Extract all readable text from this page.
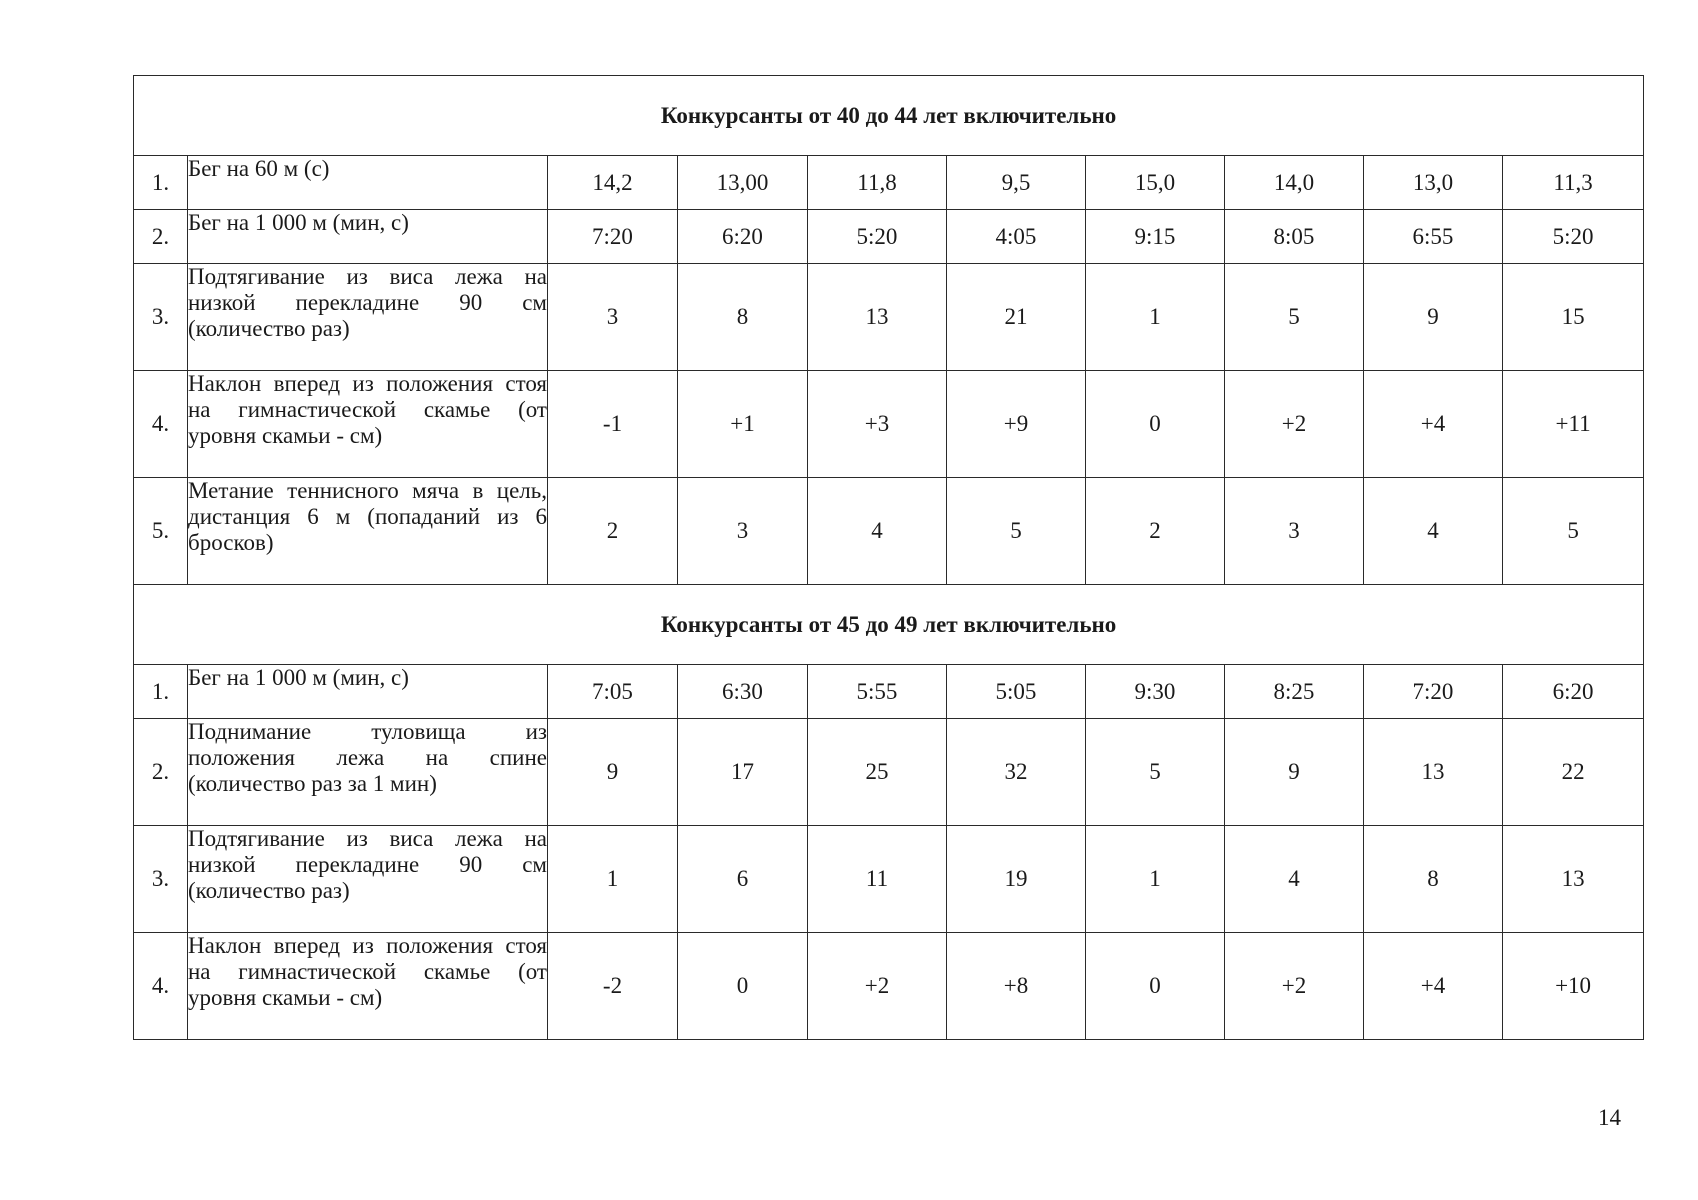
Конкурсанты от 40 до 44 лет включительно									
1.	Бег на 60 м (с)	14,2	13,00	11,8	9,5	15,0	14,0	13,0	11,3
2.	Бег на 1 000 м (мин, с)	7:20	6:20	5:20	4:05	9:15	8:05	6:55	5:20
3.	Подтягивание из виса лежа на низкой перекладине 90 см (количество раз)	3	8	13	21	1	5	9	15
4.	Наклон вперед из положения стоя на гимнастической скамье (от уровня скамьи - см)	-1	+1	+3	+9	0	+2	+4	+11
5.	Метание теннисного мяча в цель, дистанция 6 м (попаданий из 6 бросков)	2	3	4	5	2	3	4	5
Конкурсанты от 45 до 49 лет включительно									
1.	Бег на 1 000 м (мин, с)	7:05	6:30	5:55	5:05	9:30	8:25	7:20	6:20
2.	Поднимание туловища из положения лежа на спине (количество раз за 1 мин)	9	17	25	32	5	9	13	22
3.	Подтягивание из виса лежа на низкой перекладине 90 см (количество раз)	1	6	11	19	1	4	8	13
4.	Наклон вперед из положения стоя на гимнастической скамье (от уровня скамьи - см)	-2	0	+2	+8	0	+2	+4	+10
14
